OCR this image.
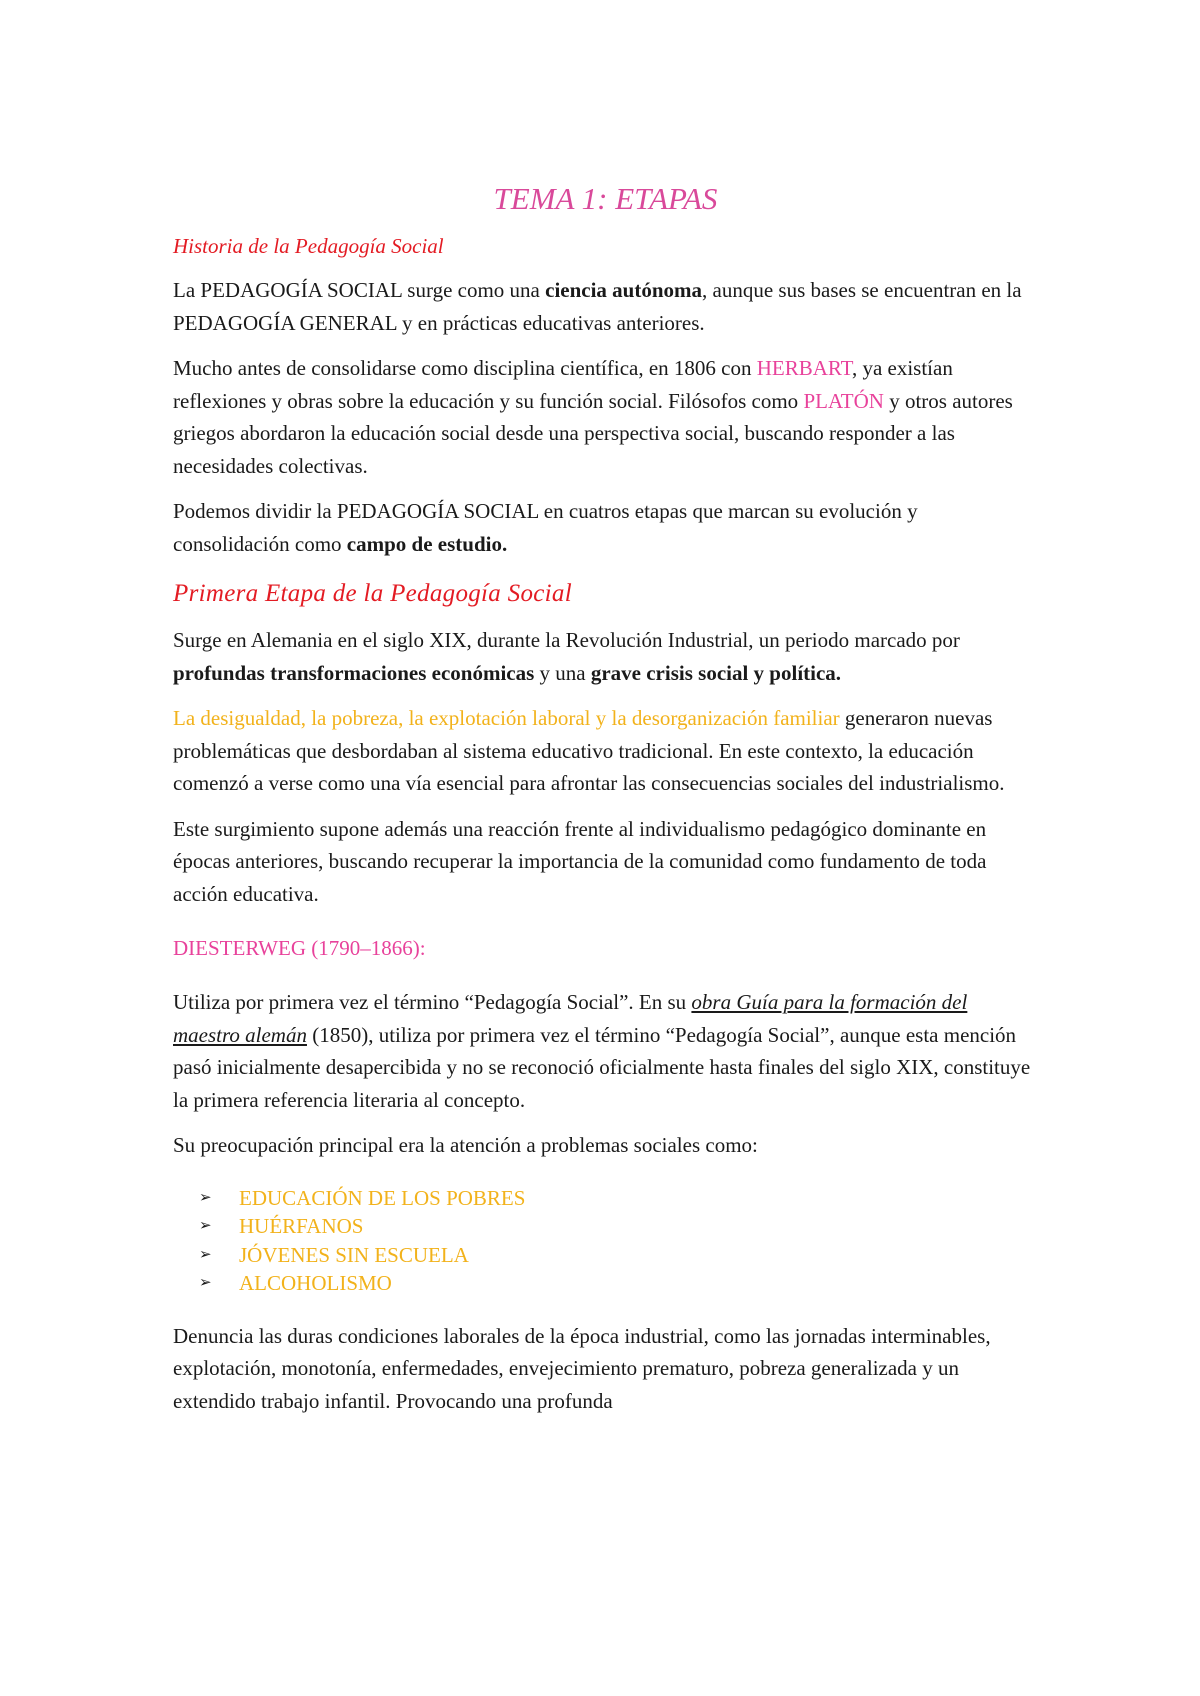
TEMA 1: ETAPAS
Historia de la Pedagogía Social

La PEDAGOGÍA SOCIAL surge como una ciencia autónoma, aunque sus bases se encuentran en la PEDAGOGÍA GENERAL y en prácticas educativas anteriores.

Mucho antes de consolidarse como disciplina científica, en 1806 con HERBART, ya existían reflexiones y obras sobre la educación y su función social. Filósofos como PLATÓN y otros autores griegos abordaron la educación social desde una perspectiva social, buscando responder a las necesidades colectivas.

Podemos dividir la PEDAGOGÍA SOCIAL en cuatros etapas que marcan su evolución y consolidación como campo de estudio.

Primera Etapa de la Pedagogía Social

Surge en Alemania en el siglo XIX, durante la Revolución Industrial, un periodo marcado por profundas transformaciones económicas y una grave crisis social y política.

La desigualdad, la pobreza, la explotación laboral y la desorganización familiar generaron nuevas problemáticas que desbordaban al sistema educativo tradicional. En este contexto, la educación comenzó a verse como una vía esencial para afrontar las consecuencias sociales del industrialismo.

Este surgimiento supone además una reacción frente al individualismo pedagógico dominante en épocas anteriores, buscando recuperar la importancia de la comunidad como fundamento de toda acción educativa.

DIESTERWEG (1790–1866):

Utiliza por primera vez el término “Pedagogía Social”. En su obra Guía para la formación del maestro alemán (1850), utiliza por primera vez el término “Pedagogía Social”, aunque esta mención pasó inicialmente desapercibida y no se reconoció oficialmente hasta finales del siglo XIX, constituye la primera referencia literaria al concepto.

Su preocupación principal era la atención a problemas sociales como:

➢	EDUCACIÓN DE LOS POBRES
➢	HUÉRFANOS
➢	JÓVENES SIN ESCUELA
➢	ALCOHOLISMO

Denuncia las duras condiciones laborales de la época industrial, como las jornadas interminables, explotación, monotonía, enfermedades, envejecimiento prematuro, pobreza generalizada y un extendido trabajo infantil. Provocando una profunda
